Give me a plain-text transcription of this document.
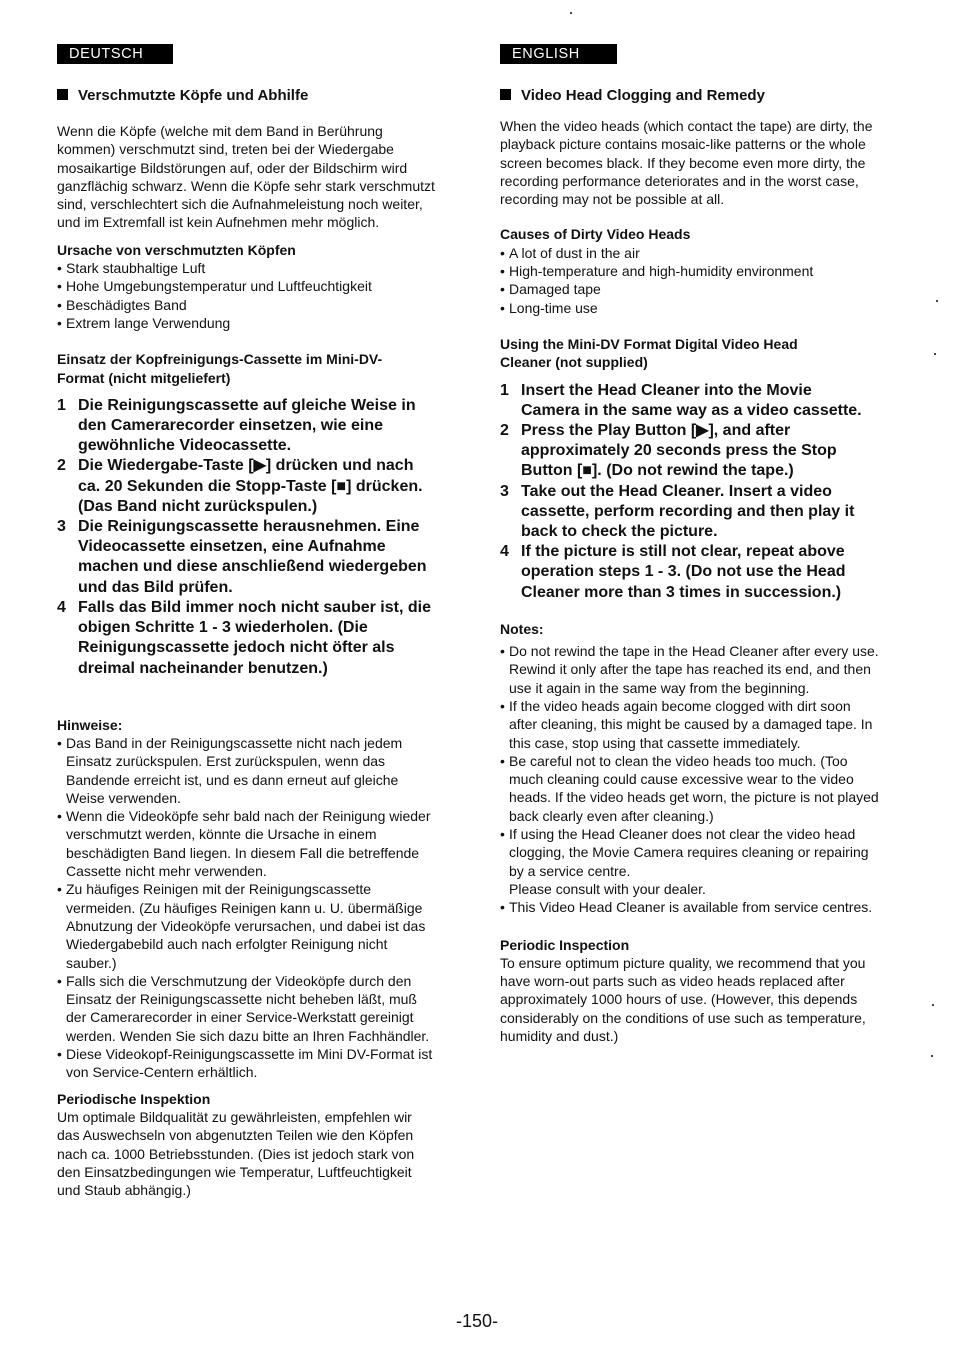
DEUTSCH
Verschmutzte Köpfe und Abhilfe

Wenn die Köpfe (welche mit dem Band in Berührung kommen) verschmutzt sind, treten bei der Wiedergabe mosaikartige Bildstörungen auf, oder der Bildschirm wird ganzflächig schwarz. Wenn die Köpfe sehr stark verschmutzt sind, verschlechtert sich die Aufnahmeleistung noch weiter, und im Extremfall ist kein Aufnehmen mehr möglich.

Ursache von verschmutzten Köpfen
• Stark staubhaltige Luft
• Hohe Umgebungstemperatur und Luftfeuchtigkeit
• Beschädigtes Band
• Extrem lange Verwendung
Einsatz der Kopfreinigungs-Cassette im Mini-DV-Format (nicht mitgeliefert)
1 Die Reinigungscassette auf gleiche Weise in den Camerarecorder einsetzen, wie eine gewöhnliche Videocassette.
2 Die Wiedergabe-Taste [▶] drücken und nach ca. 20 Sekunden die Stopp-Taste [■] drücken. (Das Band nicht zurückspulen.)
3 Die Reinigungscassette herausnehmen. Eine Videocassette einsetzen, eine Aufnahme machen und diese anschließend wiedergeben und das Bild prüfen.
4 Falls das Bild immer noch nicht sauber ist, die obigen Schritte 1 - 3 wiederholen. (Die Reinigungscassette jedoch nicht öfter als dreimal nacheinander benutzen.)
Hinweise:
• Das Band in der Reinigungscassette nicht nach jedem Einsatz zurückspulen. Erst zurückspulen, wenn das Bandende erreicht ist, und es dann erneut auf gleiche Weise verwenden.
• Wenn die Videoköpfe sehr bald nach der Reinigung wieder verschmutzt werden, könnte die Ursache in einem beschädigten Band liegen. In diesem Fall die betreffende Cassette nicht mehr verwenden.
• Zu häufiges Reinigen mit der Reinigungscassette vermeiden. (Zu häufiges Reinigen kann u. U. übermäßige Abnutzung der Videoköpfe verursachen, und dabei ist das Wiedergabebild auch nach erfolgter Reinigung nicht sauber.)
• Falls sich die Verschmutzung der Videoköpfe durch den Einsatz der Reinigungscassette nicht beheben läßt, muß der Camerarecorder in einer Service-Werkstatt gereinigt werden. Wenden Sie sich dazu bitte an Ihren Fachhändler.
• Diese Videokopf-Reinigungscassette im Mini DV-Format ist von Service-Centern erhältlich.
Periodische Inspektion

Um optimale Bildqualität zu gewährleisten, empfehlen wir das Auswechseln von abgenutzten Teilen wie den Köpfen nach ca. 1000 Betriebsstunden. (Dies ist jedoch stark von den Einsatzbedingungen wie Temperatur, Luftfeuchtigkeit und Staub abhängig.)

ENGLISH
Video Head Clogging and Remedy

When the video heads (which contact the tape) are dirty, the playback picture contains mosaic-like patterns or the whole screen becomes black. If they become even more dirty, the recording performance deteriorates and in the worst case, recording may not be possible at all.

Causes of Dirty Video Heads
• A lot of dust in the air
• High-temperature and high-humidity environment
• Damaged tape
• Long-time use
Using the Mini-DV Format Digital Video Head Cleaner (not supplied)
1 Insert the Head Cleaner into the Movie Camera in the same way as a video cassette.
2 Press the Play Button [▶], and after approximately 20 seconds press the Stop Button [■]. (Do not rewind the tape.)
3 Take out the Head Cleaner. Insert a video cassette, perform recording and then play it back to check the picture.
4 If the picture is still not clear, repeat above operation steps 1 - 3. (Do not use the Head Cleaner more than 3 times in succession.)
Notes:
• Do not rewind the tape in the Head Cleaner after every use. Rewind it only after the tape has reached its end, and then use it again in the same way from the beginning.
• If the video heads again become clogged with dirt soon after cleaning, this might be caused by a damaged tape. In this case, stop using that cassette immediately.
• Be careful not to clean the video heads too much. (Too much cleaning could cause excessive wear to the video heads. If the video heads get worn, the picture is not played back clearly even after cleaning.)
• If using the Head Cleaner does not clear the video head clogging, the Movie Camera requires cleaning or repairing by a service centre.
Please consult with your dealer.
• This Video Head Cleaner is available from service centres.
Periodic Inspection

To ensure optimum picture quality, we recommend that you have worn-out parts such as video heads replaced after approximately 1000 hours of use. (However, this depends considerably on the conditions of use such as temperature, humidity and dust.)

-150-
